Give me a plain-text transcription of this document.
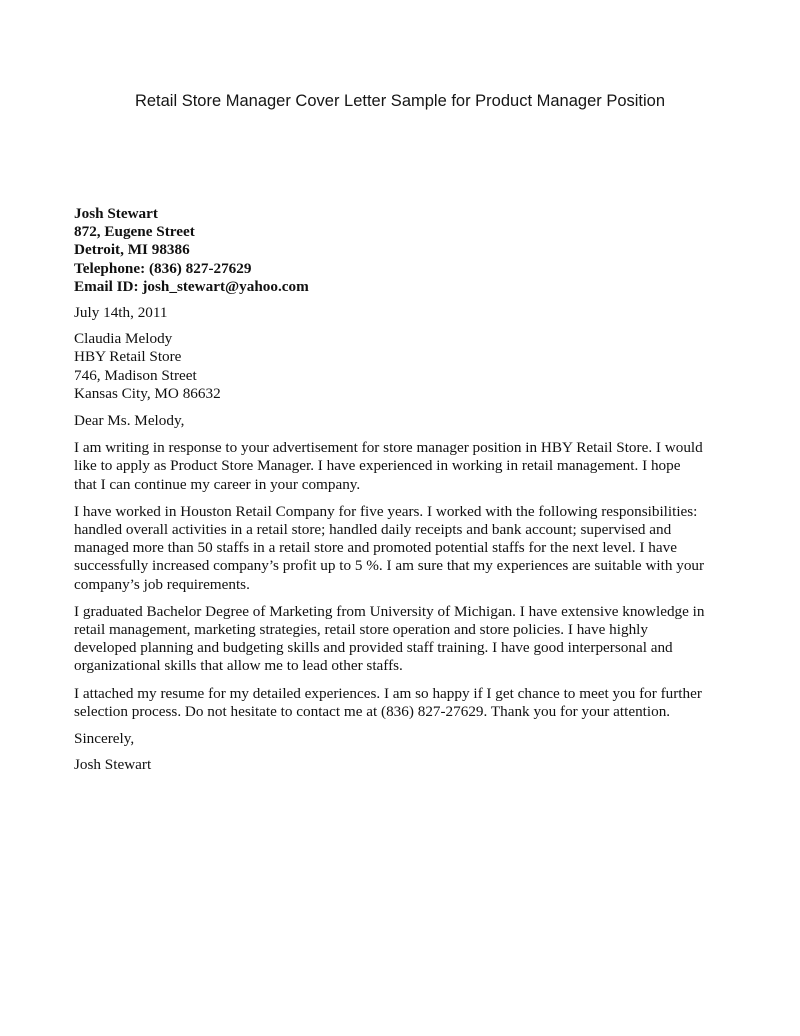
Retail Store Manager Cover Letter Sample for Product Manager Position
Josh Stewart
872, Eugene Street
Detroit, MI 98386
Telephone: (836) 827-27629
Email ID: josh_stewart@yahoo.com
July 14th, 2011
Claudia Melody
HBY Retail Store
746, Madison Street
Kansas City, MO 86632
Dear Ms. Melody,
I am writing in response to your advertisement for store manager position in HBY Retail Store. I would
like to apply as Product Store Manager. I have experienced in working in retail management. I hope
that I can continue my career in your company.
I have worked in Houston Retail Company for five years. I worked with the following responsibilities:
handled overall activities in a retail store; handled daily receipts and bank account; supervised and
managed more than 50 staffs in a retail store and promoted potential staffs for the next level. I have
successfully increased company’s profit up to 5 %. I am sure that my experiences are suitable with your
company’s job requirements.
I graduated Bachelor Degree of Marketing from University of Michigan. I have extensive knowledge in
retail management, marketing strategies, retail store operation and store policies. I have highly
developed planning and budgeting skills and provided staff training. I have good interpersonal and
organizational skills that allow me to lead other staffs.
I attached my resume for my detailed experiences. I am so happy if I get chance to meet you for further
selection process. Do not hesitate to contact me at (836) 827-27629. Thank you for your attention.
Sincerely,
Josh Stewart
